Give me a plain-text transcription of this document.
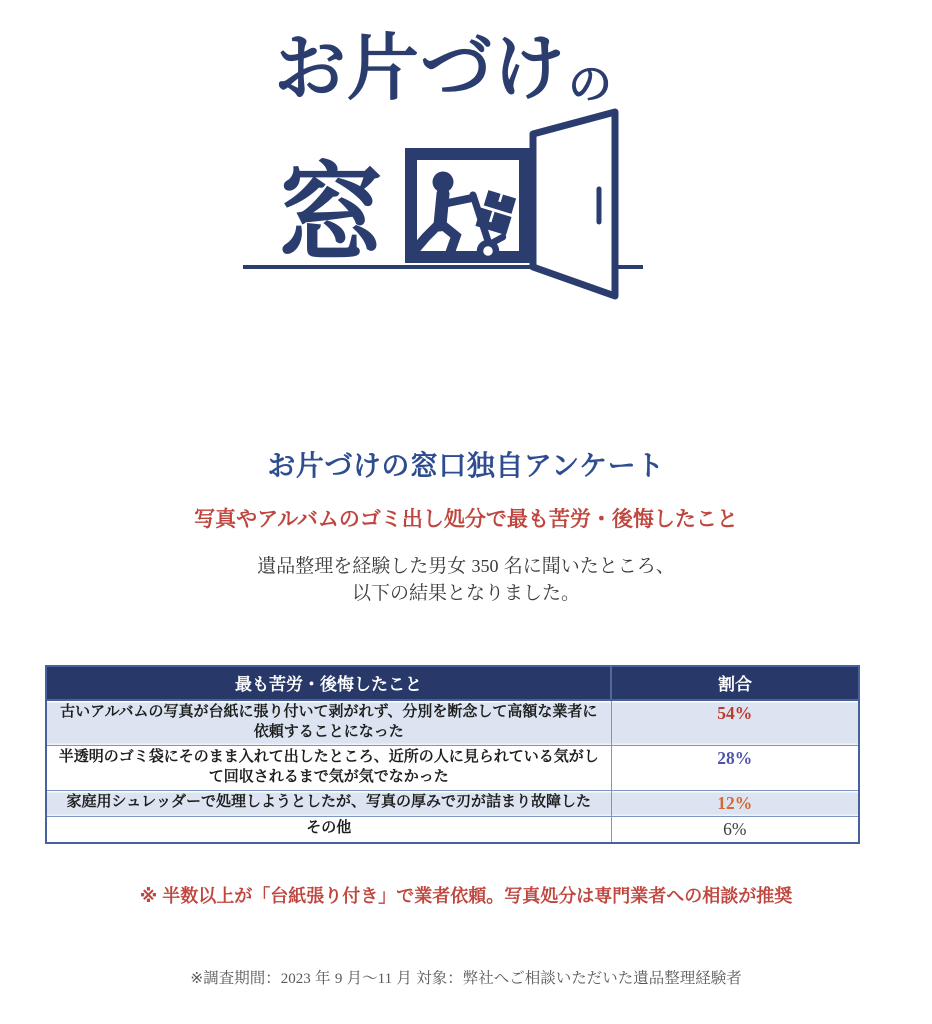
お片づけ の
窓
お片づけの窓口独自アンケート
写真やアルバムのゴミ出し処分で最も苦労・後悔したこと

遺品整理を経験した男女 350 名に聞いたところ、
以下の結果となりました。

最も苦労・後悔したこと	割合
古いアルバムの写真が台紙に張り付いて剥がれず、分別を断念して高額な業者に依頼することになった	54%
半透明のゴミ袋にそのまま入れて出したところ、近所の人に見られている気がして回収されるまで気が気でなかった	28%
家庭用シュレッダーで処理しようとしたが、写真の厚みで刃が詰まり故障した	12%
その他	6%

※ 半数以上が「台紙張り付き」で業者依頼。写真処分は専門業者への相談が推奨

※調査期間：2023 年 9 月〜11 月 対象：弊社へご相談いただいた遺品整理経験者
